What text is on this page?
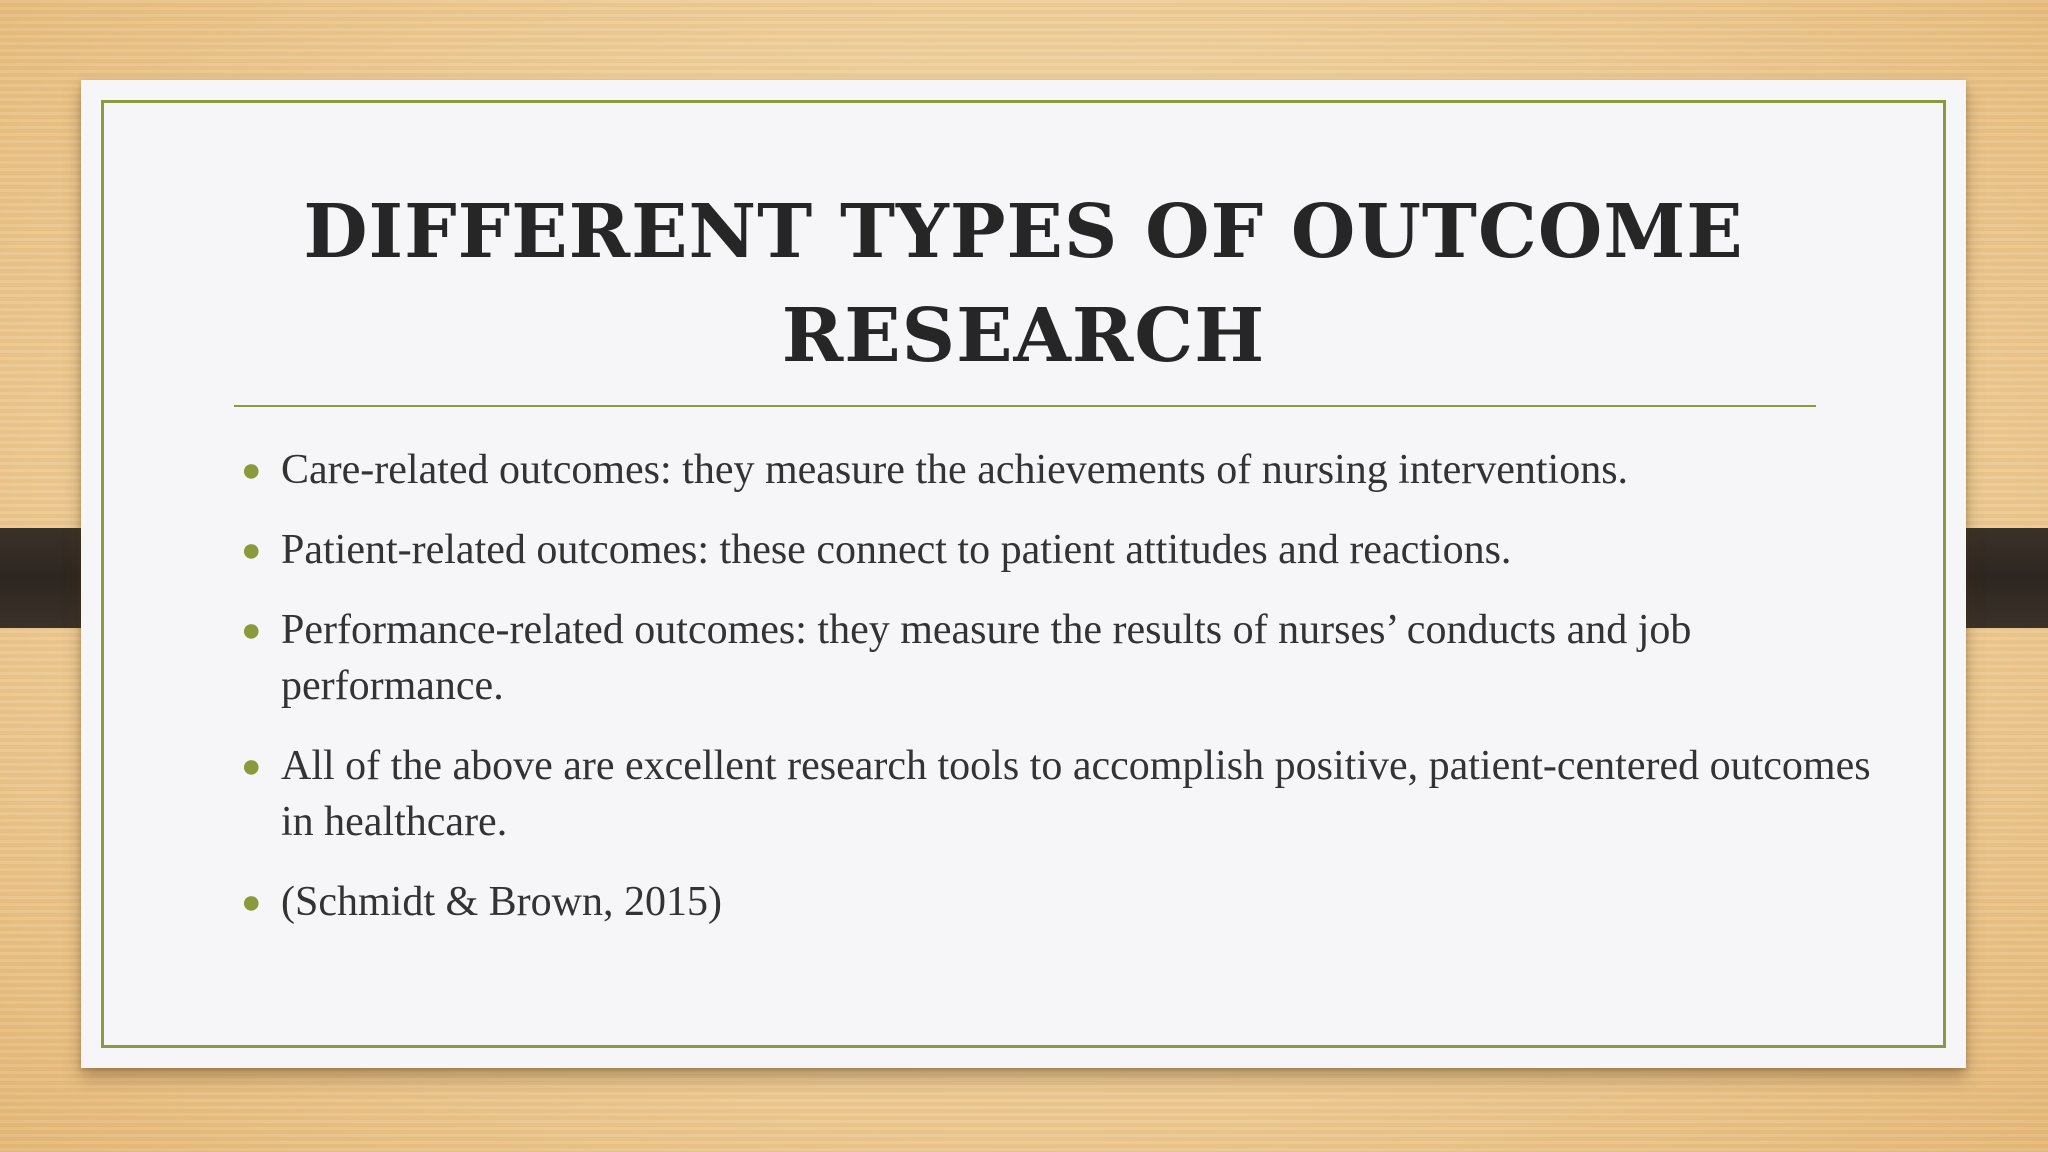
DIFFERENT TYPES OF OUTCOME RESEARCH
● Care-related outcomes: they measure the achievements of nursing interventions.
● Patient-related outcomes: these connect to patient attitudes and reactions.
● Performance-related outcomes: they measure the results of nurses’ conducts and job performance.
● All of the above are excellent research tools to accomplish positive, patient-centered outcomes in healthcare.
● (Schmidt & Brown, 2015)
